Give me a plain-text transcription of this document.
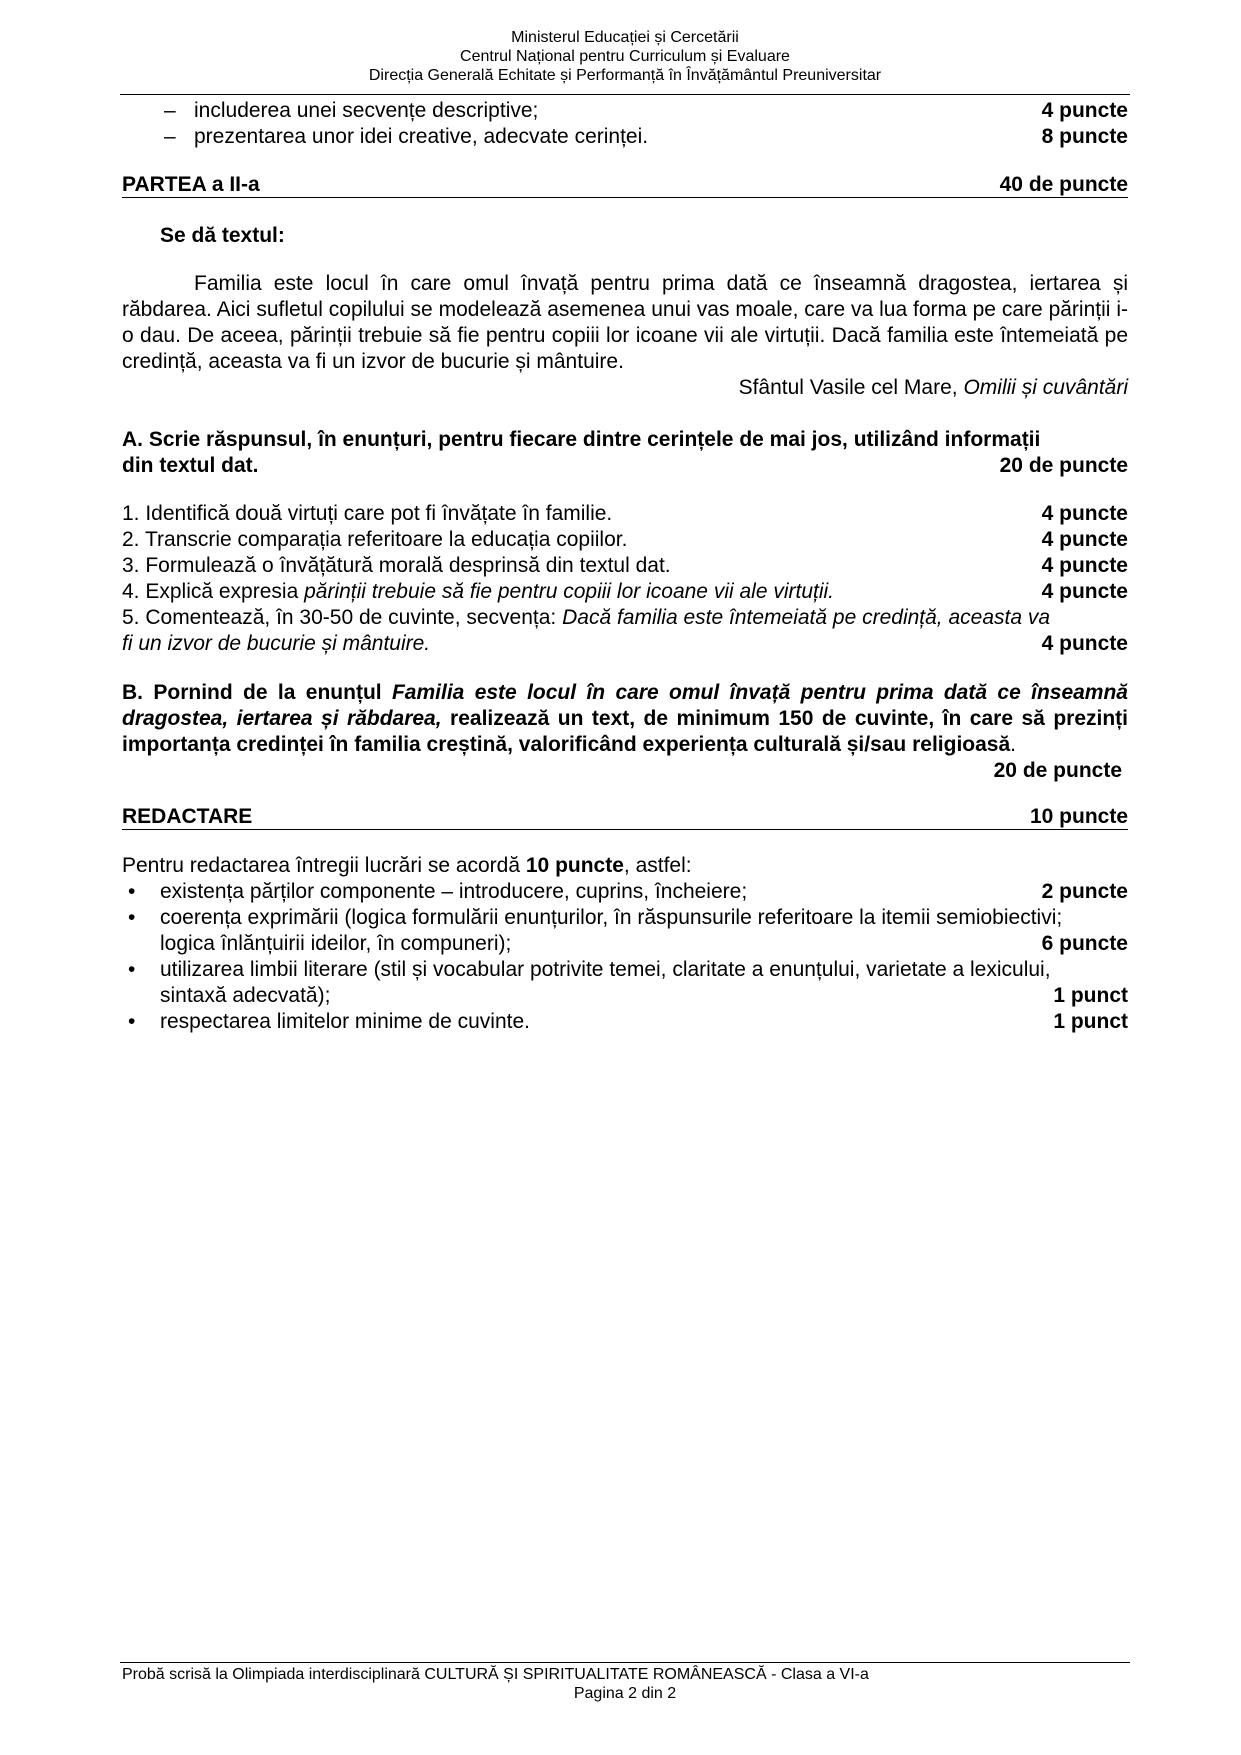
Ministerul Educației și Cercetării
Centrul Național pentru Curriculum și Evaluare
Direcția Generală Echitate și Performanță în Învățământul Preuniversitar
– includerea unei secvențe descriptive;	4 puncte
– prezentarea unor idei creative, adecvate cerinței.	8 puncte
PARTEA a II-a	40 de puncte
Se dă textul:
Familia este locul în care omul învață pentru prima dată ce înseamnă dragostea, iertarea și răbdarea. Aici sufletul copilului se modelează asemenea unui vas moale, care va lua forma pe care părinții i-o dau. De aceea, părinții trebuie să fie pentru copiii lor icoane vii ale virtuții. Dacă familia este întemeiată pe credință, aceasta va fi un izvor de bucurie și mântuire.
Sfântul Vasile cel Mare, Omilii și cuvântări
A. Scrie răspunsul, în enunțuri, pentru fiecare dintre cerințele de mai jos, utilizând informații
din textul dat.	20 de puncte
1. Identifică două virtuți care pot fi învățate în familie.	4 puncte
2. Transcrie comparația referitoare la educația copiilor.	4 puncte
3. Formulează o învățătură morală desprinsă din textul dat.	4 puncte
4. Explică expresia părinții trebuie să fie pentru copiii lor icoane vii ale virtuții.	4 puncte
5. Comentează, în 30-50 de cuvinte, secvența: Dacă familia este întemeiată pe credință, aceasta va
fi un izvor de bucurie și mântuire.	4 puncte
B. Pornind de la enunțul Familia este locul în care omul învață pentru prima dată ce înseamnă dragostea, iertarea și răbdarea, realizează un text, de minimum 150 de cuvinte, în care să prezinți importanța credinței în familia creștină, valorificând experiența culturală și/sau religioasă.
20 de puncte
REDACTARE	10 puncte
Pentru redactarea întregii lucrări se acordă 10 puncte, astfel:
•	existența părților componente – introducere, cuprins, încheiere;	2 puncte
•	coerența exprimării (logica formulării enunțurilor, în răspunsurile referitoare la itemii semiobiectivi;
logica înlănțuirii ideilor, în compuneri);	6 puncte
•	utilizarea limbii literare (stil și vocabular potrivite temei, claritate a enunțului, varietate a lexicului,
sintaxă adecvată);	1 punct
•	respectarea limitelor minime de cuvinte.	1 punct
Probă scrisă la Olimpiada interdisciplinară CULTURĂ ȘI SPIRITUALITATE ROMÂNEASCĂ - Clasa a VI-a
Pagina 2 din 2
